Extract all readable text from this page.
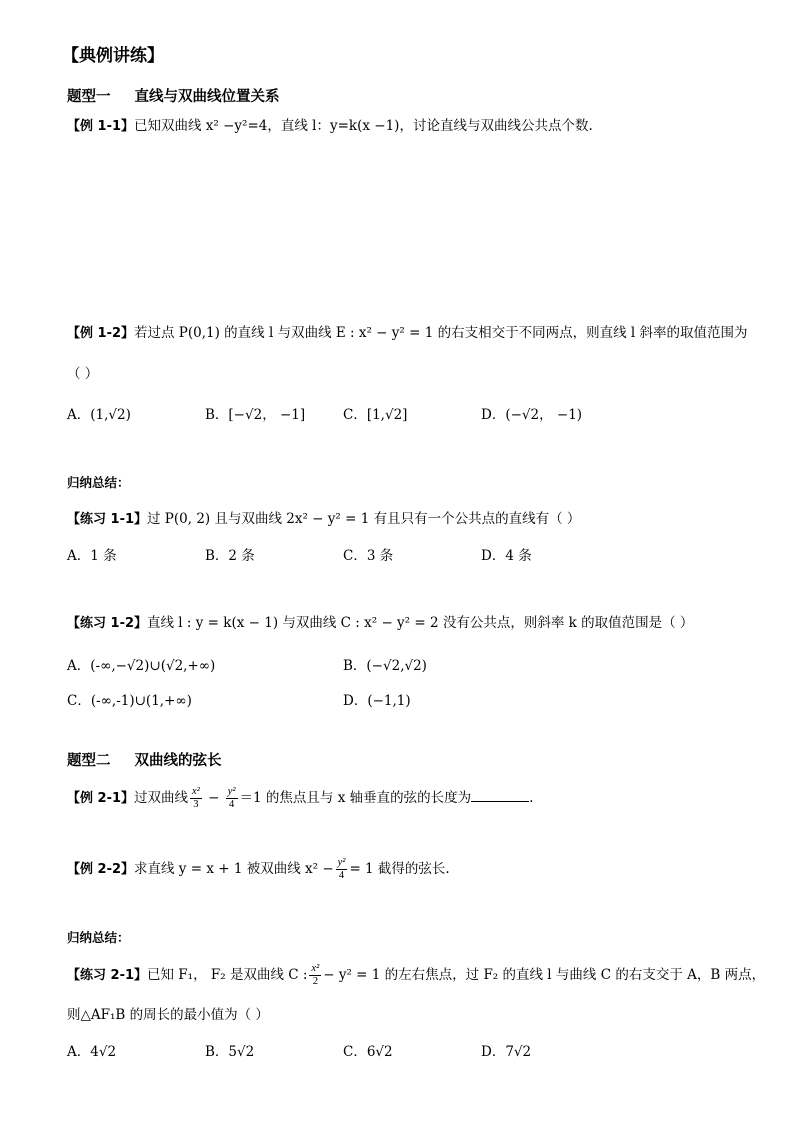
【典例讲练】
题型一 直线与双曲线位置关系
【例 1-1】已知双曲线 x² −y²=4，直线 l：y=k(x −1)，讨论直线与双曲线公共点个数.
【例 1-2】若过点 P(0,1) 的直线 l 与双曲线 E : x² − y² = 1 的右支相交于不同两点，则直线 l 斜率的取值范围为
（ ）
A．(1,√2)	B．[−√2， −1]	C．[1,√2]	D．(−√2， −1)
归纳总结：
【练习 1-1】过 P(0, 2) 且与双曲线 2x² − y² = 1 有且只有一个公共点的直线有（ ）
A．1 条	B．2 条	C．3 条	D．4 条
【练习 1-2】直线 l : y = k(x − 1) 与双曲线 C : x² − y² = 2 没有公共点，则斜率 k 的取值范围是（ ）
A．(-∞,−√2)∪(√2,+∞)	B．(−√2,√2)
C．(-∞,-1)∪(1,+∞)	D．(−1,1)
题型二 双曲线的弦长
【例 2-1】过双曲线 $\frac{\text{x²}}{3} - \frac{\text{y²}}{4} =1$ 的焦点且与 x 轴垂直的弦的长度为	.
【例 2-2】求直线 y = x + 1 被双曲线 $x^2 - \frac{\text{y²}}{4} = 1$ 截得的弦长.
归纳总结：
【练习 2-1】已知 F₁， F₂ 是双曲线 C : $\frac{\text{x²}}{2} - y^2 = 1$ 的左右焦点，过 F₂ 的直线 l 与曲线 C 的右支交于 A，B 两点，
则△AF₁B 的周长的最小值为（ ）
A．4√2	B．5√2	C．6√2	D．7√2
